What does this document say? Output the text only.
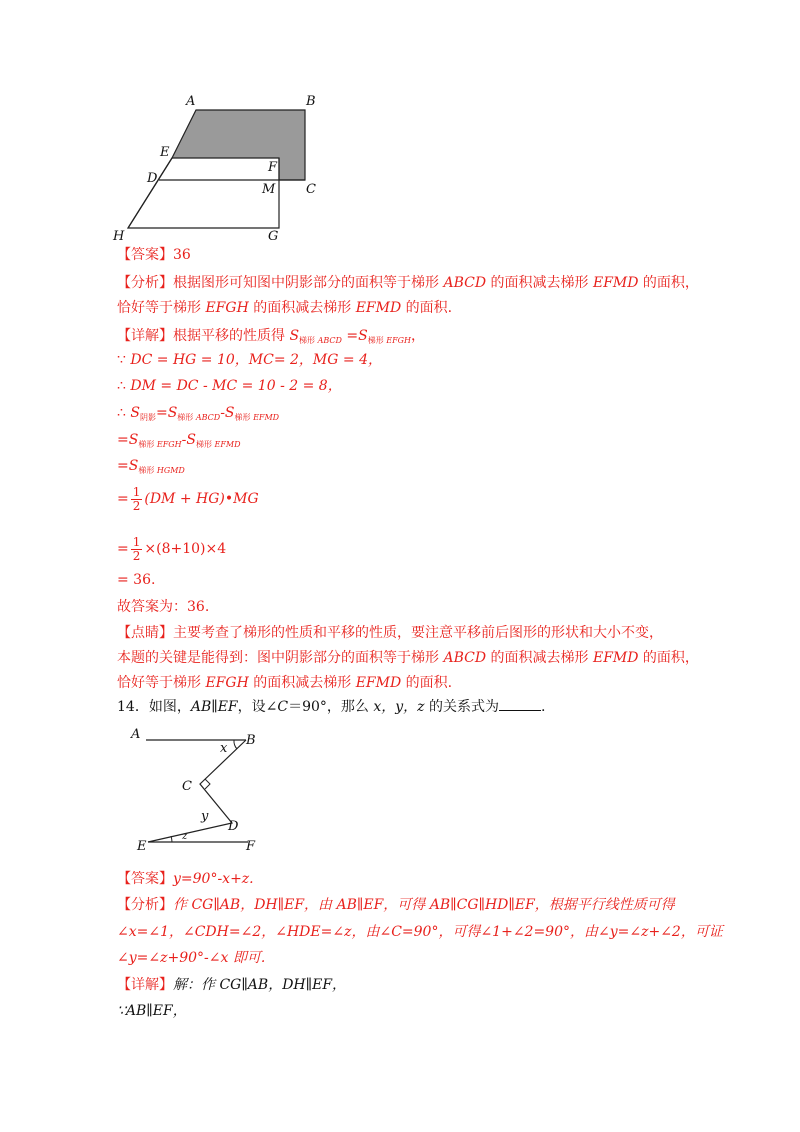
A	B
E
F
D
M C
H	G
【答案】36
【分析】根据图形可知图中阴影部分的面积等于梯形 ABCD 的面积减去梯形 EFMD 的面积，
恰好等于梯形 EFGH 的面积减去梯形 EFMD 的面积.
【详解】根据平移的性质得 $S_{梯形 ABCD} =S_{梯形 EFGH}$，
∵ DC = HG = 10，MC= 2，MG = 4，
∴ DM = DC - MC = 10 - 2 = 8，
∴ $S_{阴影}=S_{梯形 ABCD}-S_{梯形 EFMD}$
$=S_{梯形 EFGH}-S_{梯形 EFMD}$
$=S_{梯形 HGMD}$
= $\frac{1}{2} (DM$ + HG)•MG
= $\frac{1}{2} \times(8+10)\times 4$
= 36.
故答案为：36.
【点睛】主要考查了梯形的性质和平移的性质，要注意平移前后图形的形状和大小不变，
本题的关键是能得到：图中阴影部分的面积等于梯形 ABCD 的面积减去梯形 EFMD 的面积，
恰好等于梯形 EFGH 的面积减去梯形 EFMD 的面积.
14．如图，AB∥EF，设∠C＝90°，那么 x，y，z 的关系式为	.
A	B
x
C
y
D
E
z
F
【答案】y=90°-x+z.
【分析】作 CG∥AB，DH∥EF，由 AB∥EF，可得 AB∥CG∥HD∥EF，根据平行线性质可得
∠x=∠1，∠CDH=∠2，∠HDE=∠z，由∠C=90°，可得∠1+∠2=90°，由∠y=∠z+∠2，可证
∠y=∠z+90°-∠x 即可.
【详解】解：作 CG∥AB，DH∥EF，
∵AB∥EF，
